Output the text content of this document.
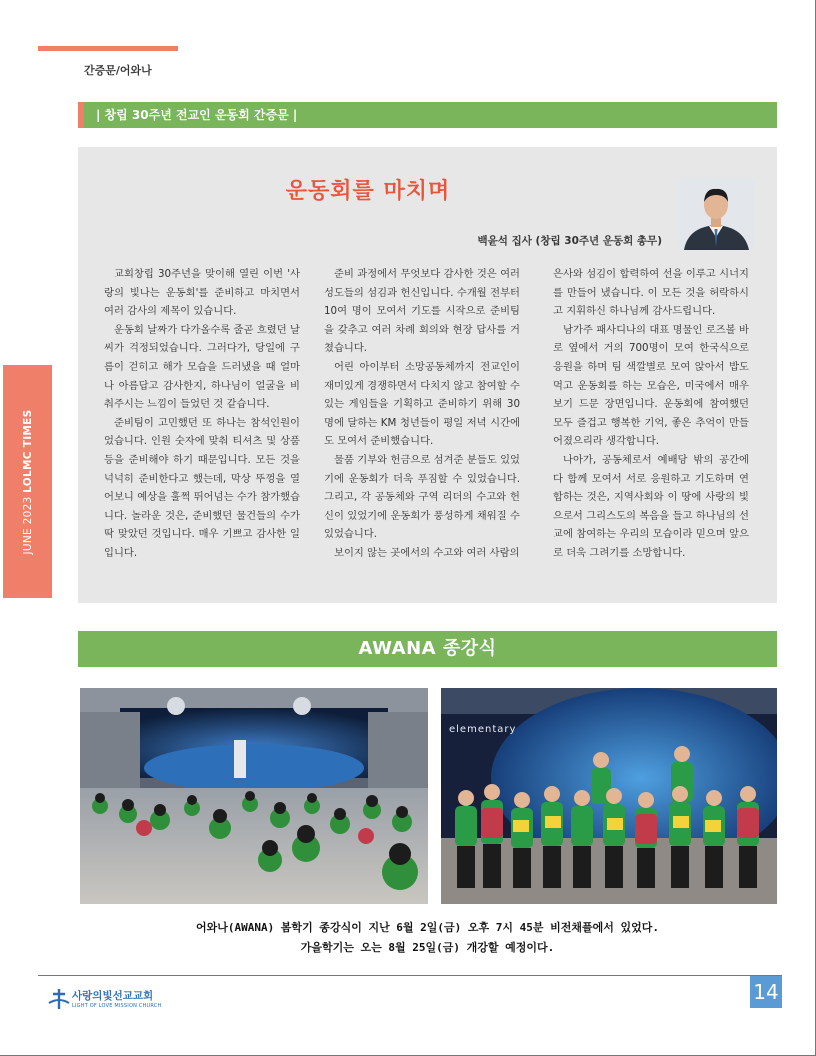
간증문/어와나
JUNE 2023 LOLMC TIMES
| 창립 30주년 전교인 운동회 간증문 |
운동회를 마치며
백윤석 집사 (창립 30주년 운동회 총무)

교회창립 30주년을 맞이해 열린 이번 '사랑의 빛나는 운동회'를 준비하고 마치면서 여러 감사의 제목이 있습니다.

운동회 날짜가 다가올수록 줄곧 흐렸던 날씨가 걱정되었습니다. 그러다가, 당일에 구름이 걷히고 해가 모습을 드러냈을 때 얼마나 아름답고 감사한지, 하나님이 얼굴을 비춰주시는 느낌이 들었던 것 같습니다.

준비팀이 고민했던 또 하나는 참석인원이었습니다. 인원 숫자에 맞춰 티셔츠 및 상품 등을 준비해야 하기 때문입니다. 모든 것을 넉넉히 준비한다고 했는데, 막상 뚜껑을 열어보니 예상을 훌쩍 뛰어넘는 수가 참가했습니다. 놀라운 것은, 준비했던 물건들의 수가 딱 맞았던 것입니다. 매우 기쁘고 감사한 일입니다.

준비 과정에서 무엇보다 감사한 것은 여러 성도들의 섬김과 헌신입니다. 수개월 전부터 10여 명이 모여서 기도를 시작으로 준비팀을 갖추고 여러 차례 회의와 현장 답사를 거쳤습니다.

어린 아이부터 소망공동체까지 전교인이 재미있게 경쟁하면서 다치지 않고 참여할 수 있는 게임들을 기획하고 준비하기 위해 30명에 달하는 KM 청년들이 평일 저녁 시간에도 모여서 준비했습니다.

물품 기부와 헌금으로 섬겨준 분들도 있었기에 운동회가 더욱 푸짐할 수 있었습니다. 그리고, 각 공동체와 구역 리더의 수고와 헌신이 있었기에 운동회가 풍성하게 채워질 수 있었습니다.

보이지 않는 곳에서의 수고와 여러 사람의

은사와 섬김이 합력하여 선을 이루고 시너지를 만들어 냈습니다. 이 모든 것을 허락하시고 지휘하신 하나님께 감사드립니다.

남가주 패사디나의 대표 명물인 로즈볼 바로 옆에서 거의 700명이 모여 한국식으로 응원을 하며 팀 색깔별로 모여 앉아서 밥도 먹고 운동회를 하는 모습은, 미국에서 매우 보기 드문 장면입니다. 운동회에 참여했던 모두 즐겁고 행복한 기억, 좋은 추억이 만들어졌으리라 생각합니다.

나아가, 공동체로서 예배당 밖의 공간에 다 함께 모여서 서로 응원하고 기도하며 연합하는 것은, 지역사회와 이 땅에 사랑의 빛으로서 그리스도의 복음을 들고 하나님의 선교에 참여하는 우리의 모습이라 믿으며 앞으로 더욱 그려기를 소망합니다.

AWANA 종강식
elementary
어와나(AWANA) 봄학기 종강식이 지난 6월 2일(금) 오후 7시 45분 비전채플에서 있었다.
가을학기는 오는 8월 25일(금) 개강할 예정이다.
사랑의빛선교교회
LIGHT OF LOVE MISSION CHURCH
14
